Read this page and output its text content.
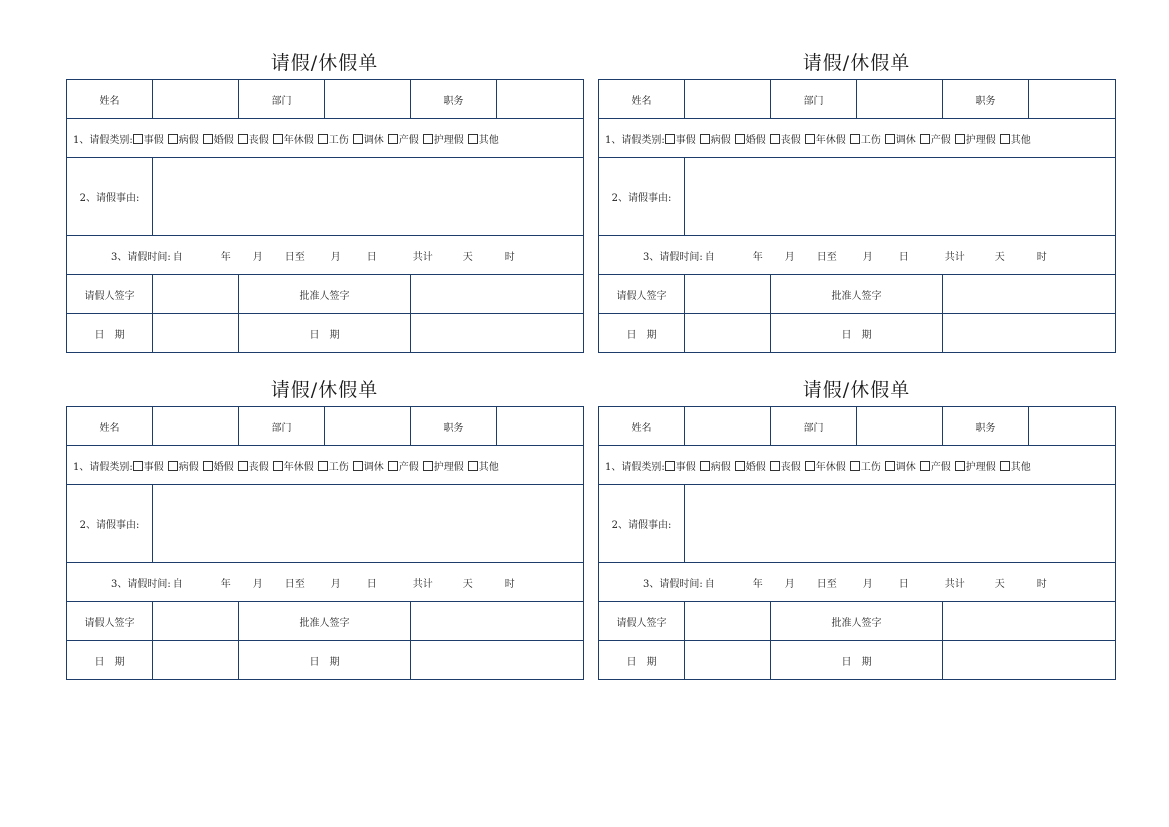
请假/休假单
姓名		部门		职务	
1、请假类别: 事假 病假 婚假 丧假 年休假 工伤 调休 产假 护理假 其他					
2、请假事由:					
3、请假时间: 自 年 月 日至 月 日 共计 天 时					
请假人签字		批准人签字			
日　期		日　期			
请假/休假单
姓名		部门		职务	
1、请假类别: 事假 病假 婚假 丧假 年休假 工伤 调休 产假 护理假 其他					
2、请假事由:					
3、请假时间: 自 年 月 日至 月 日 共计 天 时					
请假人签字		批准人签字			
日　期		日　期			
请假/休假单
姓名		部门		职务	
1、请假类别: 事假 病假 婚假 丧假 年休假 工伤 调休 产假 护理假 其他					
2、请假事由:					
3、请假时间: 自 年 月 日至 月 日 共计 天 时					
请假人签字		批准人签字			
日　期		日　期			
请假/休假单
姓名		部门		职务	
1、请假类别: 事假 病假 婚假 丧假 年休假 工伤 调休 产假 护理假 其他					
2、请假事由:					
3、请假时间: 自 年 月 日至 月 日 共计 天 时					
请假人签字		批准人签字			
日　期		日　期			
